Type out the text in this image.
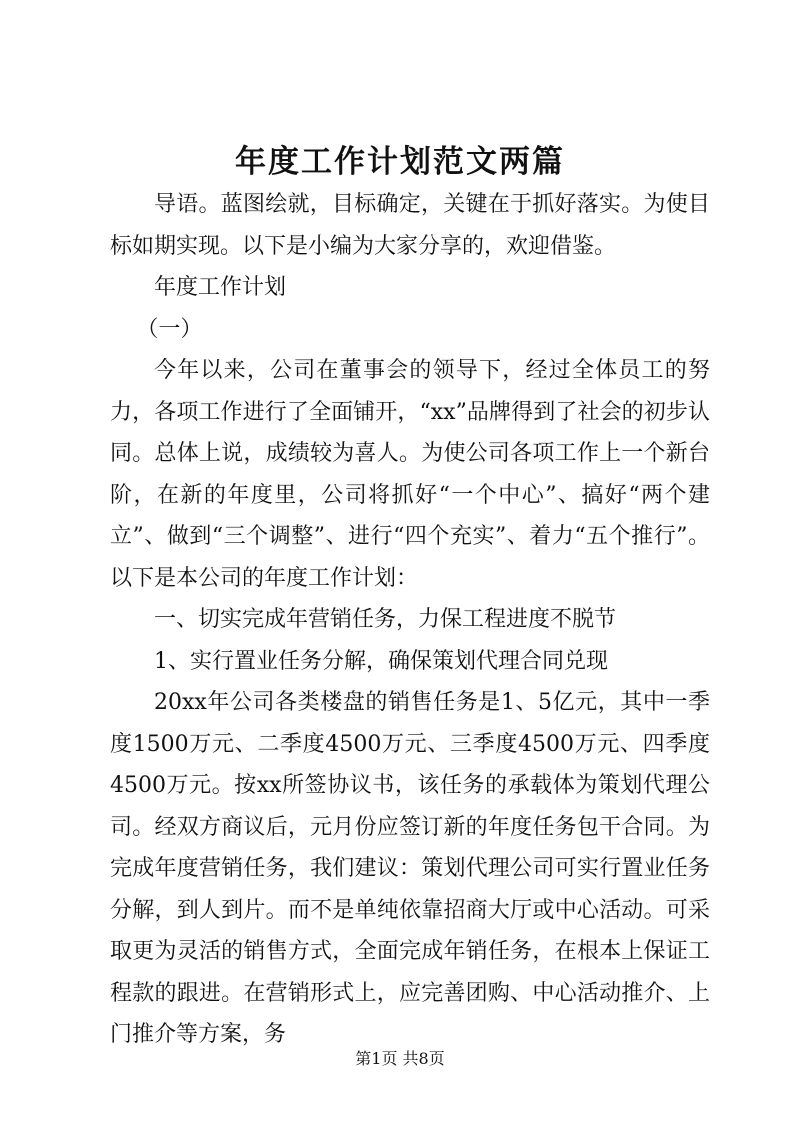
年度工作计划范文两篇

导语。蓝图绘就，目标确定，关键在于抓好落实。为使目标如期实现。以下是小编为大家分享的，欢迎借鉴。

年度工作计划

（一）

今年以来，公司在董事会的领导下，经过全体员工的努力，各项工作进行了全面铺开，“xx”品牌得到了社会的初步认同。总体上说，成绩较为喜人。为使公司各项工作上一个新台阶，在新的年度里，公司将抓好“一个中心”、搞好“两个建立”、做到“三个调整”、进行“四个充实”、着力“五个推行”。以下是本公司的年度工作计划：

一、切实完成年营销任务，力保工程进度不脱节

1、实行置业任务分解，确保策划代理合同兑现

20xx年公司各类楼盘的销售任务是1、5亿元，其中一季度1500万元、二季度4500万元、三季度4500万元、四季度4500万元。按xx所签协议书，该任务的承载体为策划代理公司。经双方商议后，元月份应签订新的年度任务包干合同。为完成年度营销任务，我们建议：策划代理公司可实行置业任务分解，到人到片。而不是单纯依靠招商大厅或中心活动。可采取更为灵活的销售方式，全面完成年销任务，在根本上保证工程款的跟进。在营销形式上，应完善团购、中心活动推介、上门推介等方案，务

第1页 共8页
